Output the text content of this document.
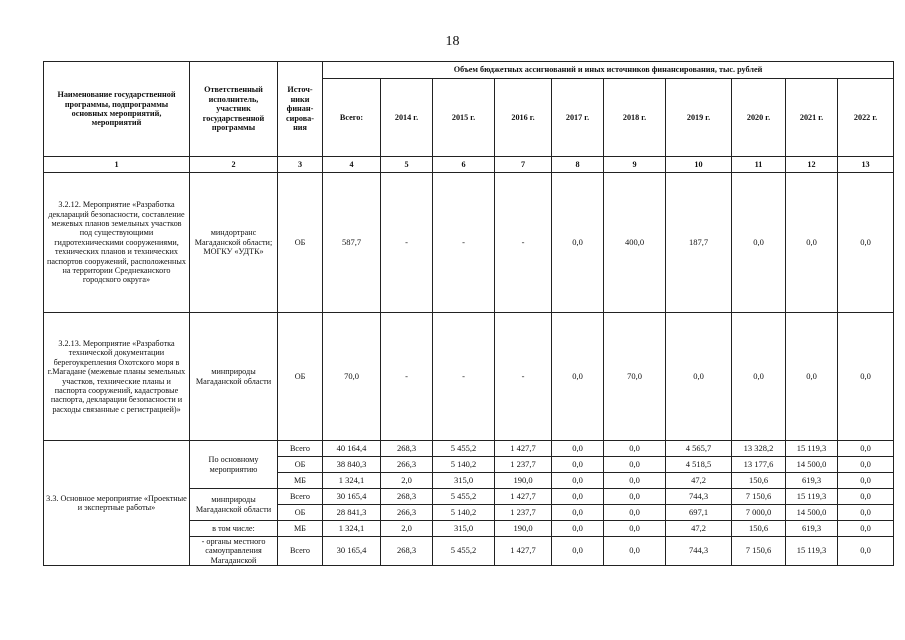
18
Наименование государственной программы, подпрограммы основных мероприятий, мероприятий	Ответственный исполнитель, участник государственной программы	Источ-ники финан-сирова-ния	Объем бюджетных ассигнований и иных источников финансирования, тыс. рублей									
			Всего:	2014 г.	2015 г.	2016 г.	2017 г.	2018 г.	2019 г.	2020 г.	2021 г.	2022 г.
1	2	3	4	5	6	7	8	9	10	11	12	13
3.2.12. Мероприятие «Разработка деклараций безопасности, составление межевых планов земельных участков под существующими гидротехническими сооружениями, технических планов и технических паспортов сооружений, расположенных на территории Среднеканского городского округа»	миндортранс Магаданской области; МОГКУ «УДТК»	ОБ	587,7	-	-	-	0,0	400,0	187,7	0,0	0,0	0,0
3.2.13. Мероприятие «Разработка технической документации берегоукрепления Охотского моря в г.Магадане (межевые планы земельных участков, технические планы и паспорта сооружений, кадастровые паспорта, декларации безопасности и расходы связанные с регистрацией)»	минприроды Магаданской области	ОБ	70,0	-	-	-	0,0	70,0	0,0	0,0	0,0	0,0
3.3. Основное мероприятие «Проектные и экспертные работы»	По основному мероприятию	Всего	40 164,4	268,3	5 455,2	1 427,7	0,0	0,0	4 565,7	13 328,2	15 119,3	0,0
		ОБ	38 840,3	266,3	5 140,2	1 237,7	0,0	0,0	4 518,5	13 177,6	14 500,0	0,0
		МБ	1 324,1	2,0	315,0	190,0	0,0	0,0	47,2	150,6	619,3	0,0
	минприроды Магаданской области	Всего	30 165,4	268,3	5 455,2	1 427,7	0,0	0,0	744,3	7 150,6	15 119,3	0,0
		ОБ	28 841,3	266,3	5 140,2	1 237,7	0,0	0,0	697,1	7 000,0	14 500,0	0,0
	в том числе:	МБ	1 324,1	2,0	315,0	190,0	0,0	0,0	47,2	150,6	619,3	0,0
	- органы местного самоуправления Магаданской	Всего	30 165,4	268,3	5 455,2	1 427,7	0,0	0,0	744,3	7 150,6	15 119,3	0,0
